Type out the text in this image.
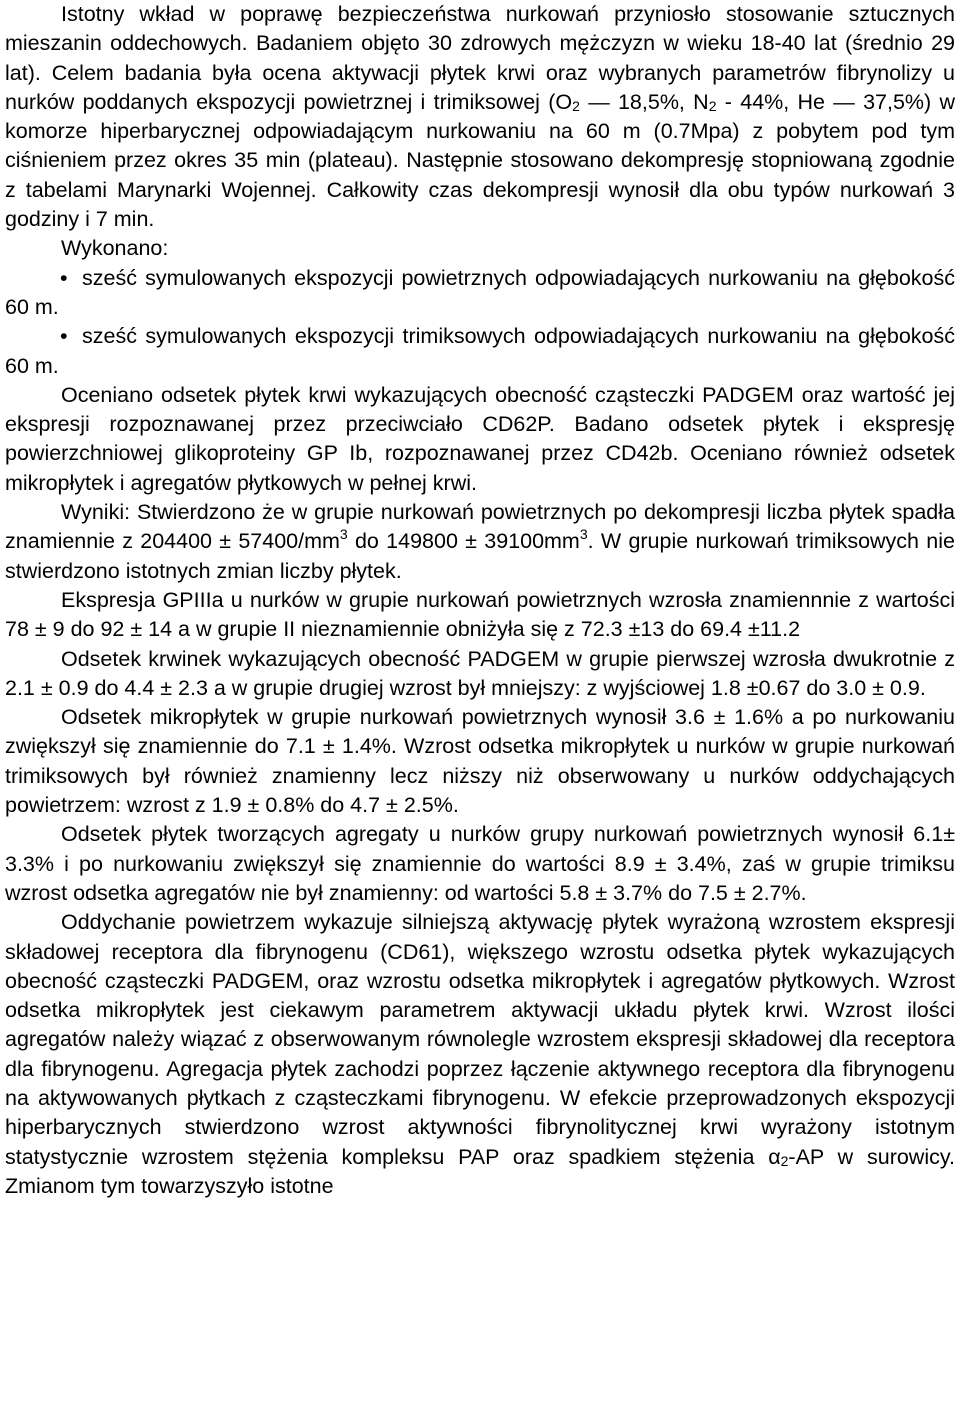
Istotny wkład w poprawę bezpieczeństwa nurkowań przyniosło stosowanie sztucznych mieszanin oddechowych. Badaniem objęto 30 zdrowych mężczyzn w wieku 18-40 lat (średnio 29 lat). Celem badania była ocena aktywacji płytek krwi oraz wybranych parametrów fibrynolizy u nurków poddanych ekspozycji powietrznej i trimiksowej ($O_2$ — 18,5%, $N_2 - 44\%$, He — 37,5%) w komorze hiperbarycznej odpowiadającym nurkowaniu na 60 m (0.7Mpa) z pobytem pod tym ciśnieniem przez okres 35 min (plateau). Następnie stosowano dekompresję stopniowaną zgodnie z tabelami Marynarki Wojennej. Całkowity czas dekompresji wynosił dla obu typów nurkowań 3 godziny i 7 min.

Wykonano:

• sześć symulowanych ekspozycji powietrznych odpowiadających nurkowaniu na głębokość 60 m.

• sześć symulowanych ekspozycji trimiksowych odpowiadających nurkowaniu na głębokość 60 m.

Oceniano odsetek płytek krwi wykazujących obecność cząsteczki PADGEM oraz wartość jej ekspresji rozpoznawanej przez przeciwciało CD62P. Badano odsetek płytek i ekspresję powierzchniowej glikoproteiny GP Ib, rozpoznawanej przez CD42b. Oceniano również odsetek mikropłytek i agregatów płytkowych w pełnej krwi.

Wyniki: Stwierdzono że w grupie nurkowań powietrznych po dekompresji liczba płytek spadła znamiennie z $204400 \pm 57400/mm^3$ do $149800 \pm 39100mm^3$. W grupie nurkowań trimiksowych nie stwierdzono istotnych zmian liczby płytek.

Ekspresja GPIIIa u nurków w grupie nurkowań powietrznych wzrosła znamiennnie z wartości 78 ± 9 do 92 ± 14 a w grupie II nieznamiennie obniżyła się z 72.3 ±13 do 69.4 ±11.2

Odsetek krwinek wykazujących obecność PADGEM w grupie pierwszej wzrosła dwukrotnie z 2.1 ± 0.9 do 4.4 ± 2.3 a w grupie drugiej wzrost był mniejszy: z wyjściowej 1.8 ±0.67 do 3.0 ± 0.9.

Odsetek mikropłytek w grupie nurkowań powietrznych wynosił 3.6 ± 1.6% a po nurkowaniu zwiększył się znamiennie do 7.1 ± 1.4%. Wzrost odsetka mikropłytek u nurków w grupie nurkowań trimiksowych był również znamienny lecz niższy niż obserwowany u nurków oddychających powietrzem: wzrost z 1.9 ± 0.8% do 4.7 ± 2.5%.

Odsetek płytek tworzących agregaty u nurków grupy nurkowań powietrznych wynosił 6.1± 3.3% i po nurkowaniu zwiększył się znamiennie do wartości 8.9 ± 3.4%, zaś w grupie trimiksu wzrost odsetka agregatów nie był znamienny: od wartości 5.8 ± 3.7% do 7.5 ± 2.7%.

Oddychanie powietrzem wykazuje silniejszą aktywację płytek wyrażoną wzrostem ekspresji składowej receptora dla fibrynogenu (CD61), większego wzrostu odsetka płytek wykazujących obecność cząsteczki PADGEM, oraz wzrostu odsetka mikropłytek i agregatów płytkowych. Wzrost odsetka mikropłytek jest ciekawym parametrem aktywacji układu płytek krwi. Wzrost ilości agregatów należy wiązać z obserwowanym równolegle wzrostem ekspresji składowej dla receptora dla fibrynogenu. Agregacja płytek zachodzi poprzez łączenie aktywnego receptora dla fibrynogenu na aktywowanych płytkach z cząsteczkami fibrynogenu. W efekcie przeprowadzonych ekspozycji hiperbarycznych stwierdzono wzrost aktywności fibrynolitycznej krwi wyrażony istotnym statystycznie wzrostem stężenia kompleksu PAP oraz spadkiem stężenia $\alpha_2-AP$ w surowicy. Zmianom tym towarzyszyło istotne
